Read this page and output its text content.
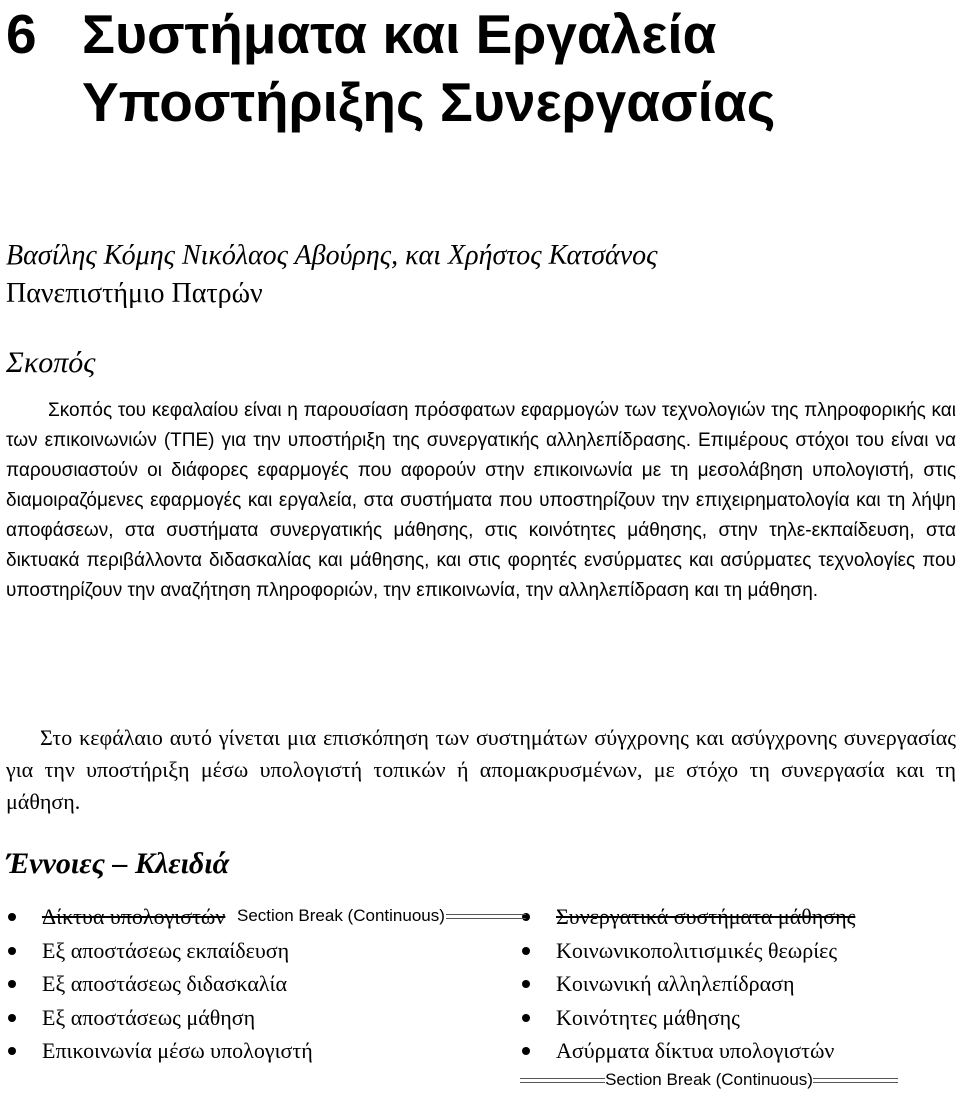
6 Συστήματα και Εργαλεία
Υποστήριξης Συνεργασίας
Βασίλης Κόμης Νικόλαος Αβούρης, και Χρήστος Κατσάνος
Πανεπιστήμιο Πατρών
Σκοπός

Σκοπός του κεφαλαίου είναι η παρουσίαση πρόσφατων εφαρμογών των τεχνολογιών της πληροφορικής και των επικοινωνιών (ΤΠΕ) για την υποστήριξη της συνεργατικής αλληλεπίδρασης. Επιμέρους στόχοι του είναι να παρουσιαστούν οι διάφορες εφαρμογές που αφορούν στην επικοινωνία με τη μεσολάβηση υπολογιστή, στις διαμοιραζόμενες εφαρμογές και εργαλεία, στα συστήματα που υποστηρίζουν την επιχειρηματολογία και τη λήψη αποφάσεων, στα συστήματα συνεργατικής μάθησης, στις κοινότητες μάθησης, στην τηλε-εκπαίδευση, στα δικτυακά περιβάλλοντα διδασκαλίας και μάθησης, και στις φορητές ενσύρματες και ασύρματες τεχνολογίες που υποστηρίζουν την αναζήτηση πληροφοριών, την επικοινωνία, την αλληλεπίδραση και τη μάθηση.

Στο κεφάλαιο αυτό γίνεται μια επισκόπηση των συστημάτων σύγχρονης και ασύγχρονης συνεργασίας για την υποστήριξη μέσω υπολογιστή τοπικών ή απομακρυσμένων, με στόχο τη συνεργασία και τη μάθηση.

Έννοιες – Κλειδιά
Δίκτυα υπολογιστών
Εξ αποστάσεως εκπαίδευση
Εξ αποστάσεως διδασκαλία
Εξ αποστάσεως μάθηση
Επικοινωνία μέσω υπολογιστή
Συνεργατικά συστήματα μάθησης
Κοινωνικοπολιτισμικές θεωρίες
Κοινωνική αλληλεπίδραση
Κοινότητες μάθησης
Ασύρματα δίκτυα υπολογιστών
Section Break (Continuous)
Section Break (Continuous)
